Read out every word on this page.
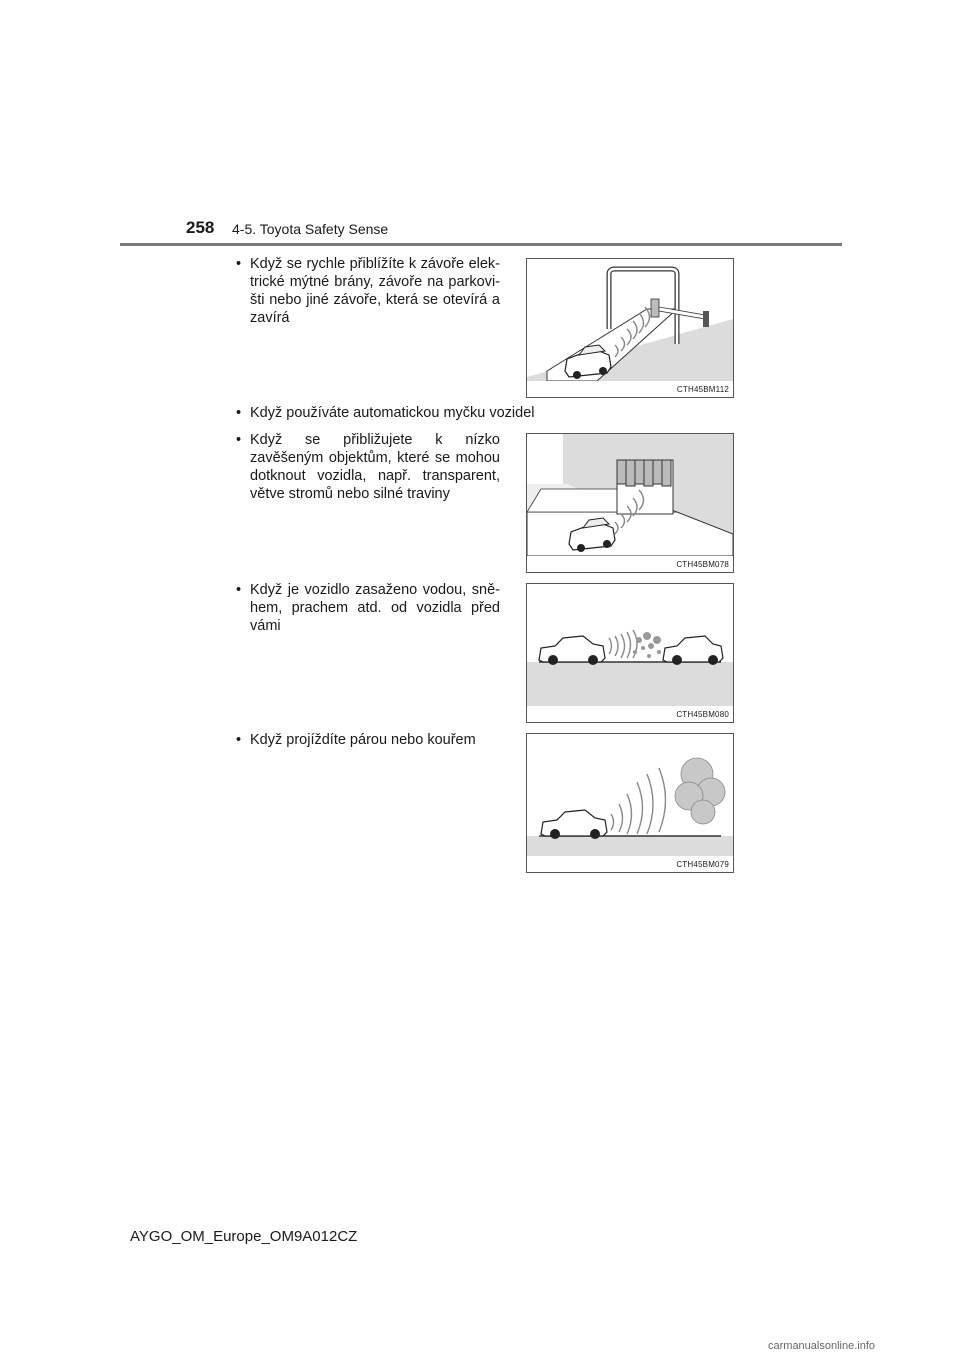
258 4-5. Toyota Safety Sense
• Když se rychle přiblížíte k závoře elek-trické mýtné brány, závoře na parkovi-šti nebo jiné závoře, která se otevírá a zavírá
CTH45BM112
• Když používáte automatickou myčku vozidel
• Když se přibližujete k nízko zavěšeným objektům, které se mohou dotknout vozidla, např. transparent, větve stromů nebo silné traviny
CTH45BM078
• Když je vozidlo zasaženo vodou, sně-hem, prachem atd. od vozidla před vámi
CTH45BM080
• Když projíždíte párou nebo kouřem
CTH45BM079
AYGO_OM_Europe_OM9A012CZ
carmanualsonline.info
